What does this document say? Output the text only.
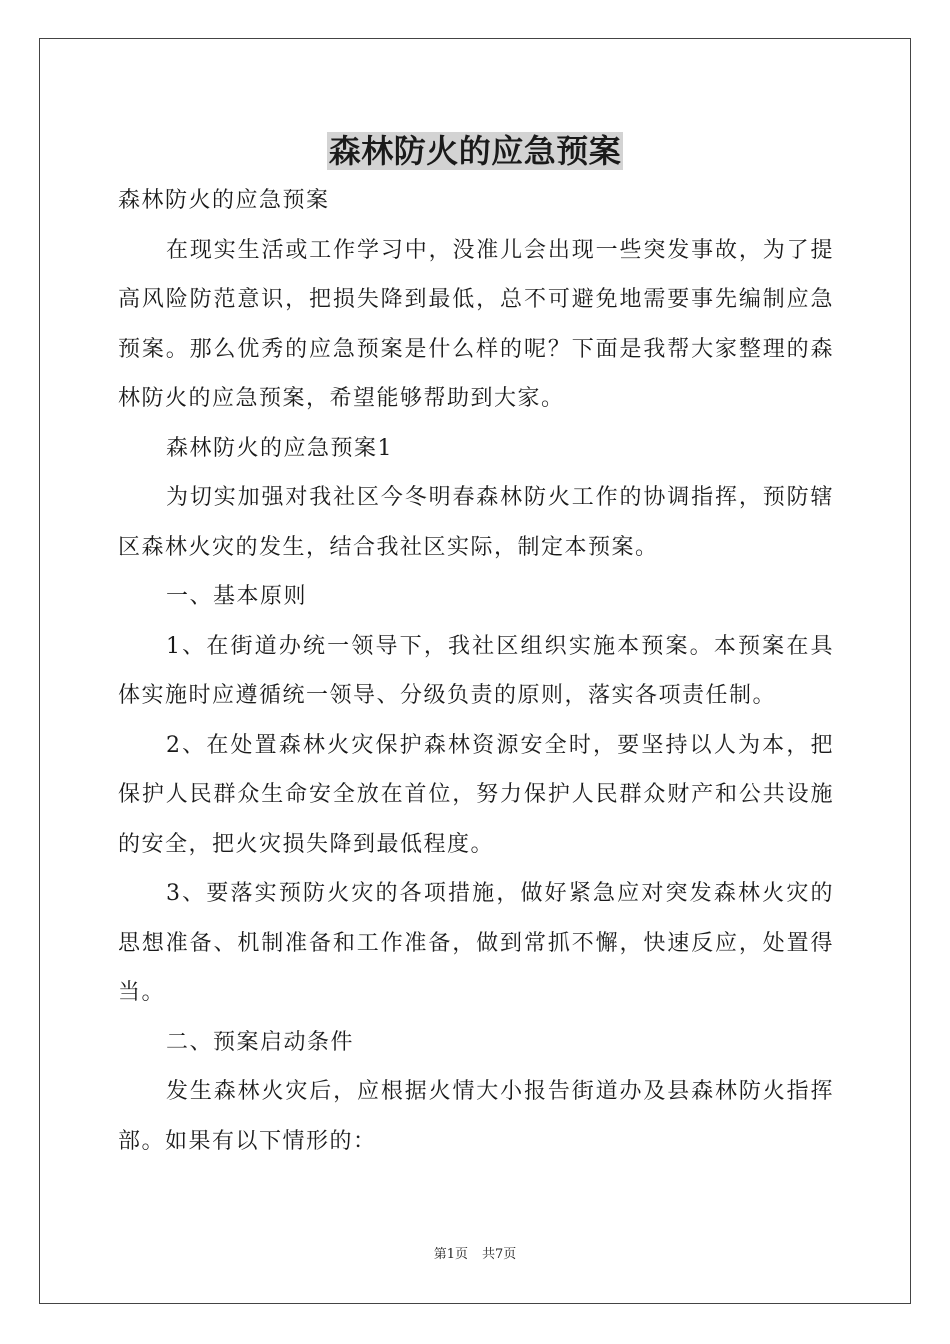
森林防火的应急预案

森林防火的应急预案

在现实生活或工作学习中，没准儿会出现一些突发事故，为了提高风险防范意识，把损失降到最低，总不可避免地需要事先编制应急预案。那么优秀的应急预案是什么样的呢？下面是我帮大家整理的森林防火的应急预案，希望能够帮助到大家。

森林防火的应急预案1

为切实加强对我社区今冬明春森林防火工作的协调指挥，预防辖区森林火灾的发生，结合我社区实际，制定本预案。

一、基本原则

1、在街道办统一领导下，我社区组织实施本预案。本预案在具体实施时应遵循统一领导、分级负责的原则，落实各项责任制。

2、在处置森林火灾保护森林资源安全时，要坚持以人为本，把保护人民群众生命安全放在首位，努力保护人民群众财产和公共设施的安全，把火灾损失降到最低程度。

3、要落实预防火灾的各项措施，做好紧急应对突发森林火灾的思想准备、机制准备和工作准备，做到常抓不懈，快速反应，处置得当。

二、预案启动条件

发生森林火灾后，应根据火情大小报告街道办及县森林防火指挥部。如果有以下情形的：

第1页 共7页
